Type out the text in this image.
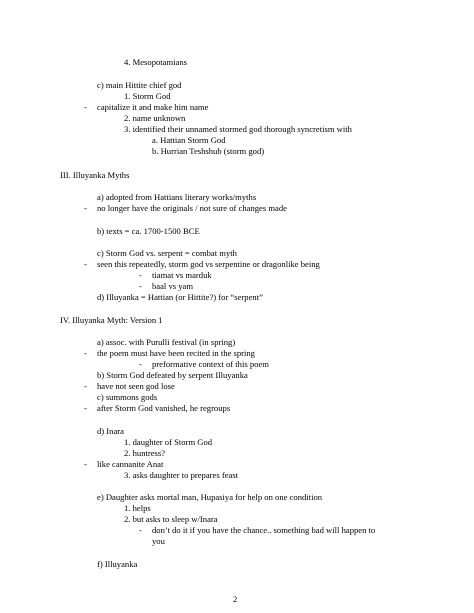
4. Mesopotamians
c) main Hittite chief god
1. Storm God
- capitalize it and make him name
2. name unknown
3. identified their unnamed stormed god thorough syncretism with
a. Hattian Storm God
b. Hurrian Teshshub (storm god)
III. Illuyanka Myths
a) adopted from Hattians literary works/myths
- no longer have the originals / not sure of changes made
b) texts = ca. 1700-1500 BCE
c) Storm God vs. serpent = combat myth
- seen this repeatedly, storm god vs serpentine or dragonlike being
- tiamat vs marduk
- baal vs yam
d) Illuyanka = Hattian (or Hittite?) for “serpent”
IV. Illuyanka Myth: Version 1
a) assoc. with Purulli festival (in spring)
- the poem must have been recited in the spring
- preformative context of this poem
b) Storm God defeated by serpent Illuyanka
- have not seen god lose
c) summons gods
- after Storm God vanished, he regroups
d) Inara
1. daughter of Storm God
2. huntress?
- like cannanite Anat
3. asks daughter to prepares feast
e) Daughter asks mortal man, Hupasiya for help on one condition
1. helps
2. but asks to sleep w/Inara
- don’t do it if you have the chance.. something bad will happen to
you
f) Illuyanka
2
